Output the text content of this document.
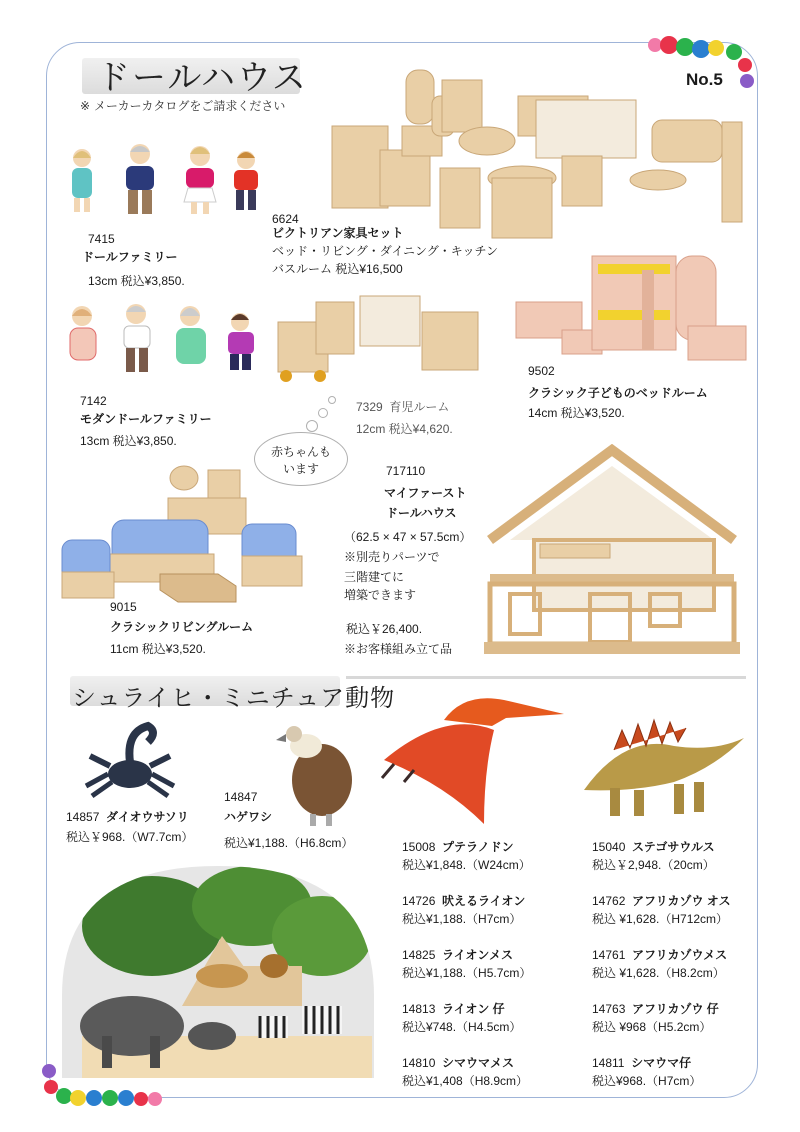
ドールハウス
※ メーカーカタログをご請求ください
No.5
7415
ドールファミリー
13cm 税込¥3,850.
6624
ビクトリアン家具セット
ベッド・リビング・ダイニング・キッチン
バスルーム 税込¥16,500
7142
モダンドールファミリー
13cm 税込¥3,850.
7329 育児ルーム
12cm 税込¥4,620.
赤ちゃんも
います
9502
クラシック子どものベッドルーム
14cm 税込¥3,520.
9015
クラシックリビングルーム
11cm 税込¥3,520.
717110
マイファースト
ドールハウス
（62.5 × 47 × 57.5cm）
※別売りパーツで
三階建てに
増築できます
税込￥26,400.
※お客様組み立て品
シュライヒ・ミニチュア動物
14857 ダイオウサソリ
税込￥968.（W7.7cm）
14847
ハゲワシ
税込¥1,188.（H6.8cm）	15008 プテラノドン
税込¥1,848.（W24cm）
15040 ステゴサウルス
税込￥2,948.（20cm）
14726 吠えるライオン
税込¥1,188.（H7cm）
14762 アフリカゾウ オス
税込 ¥1,628.（H712cm）
14825 ライオンメス
税込¥1,188.（H5.7cm）
14761 アフリカゾウメス
税込 ¥1,628.（H8.2cm）
14813 ライオン 仔
税込¥748.（H4.5cm）
14763 アフリカゾウ 仔
税込 ¥968（H5.2cm）
14810 シマウマメス
税込¥1,408（H8.9cm）
14811 シマウマ仔
税込¥968.（H7cm）
